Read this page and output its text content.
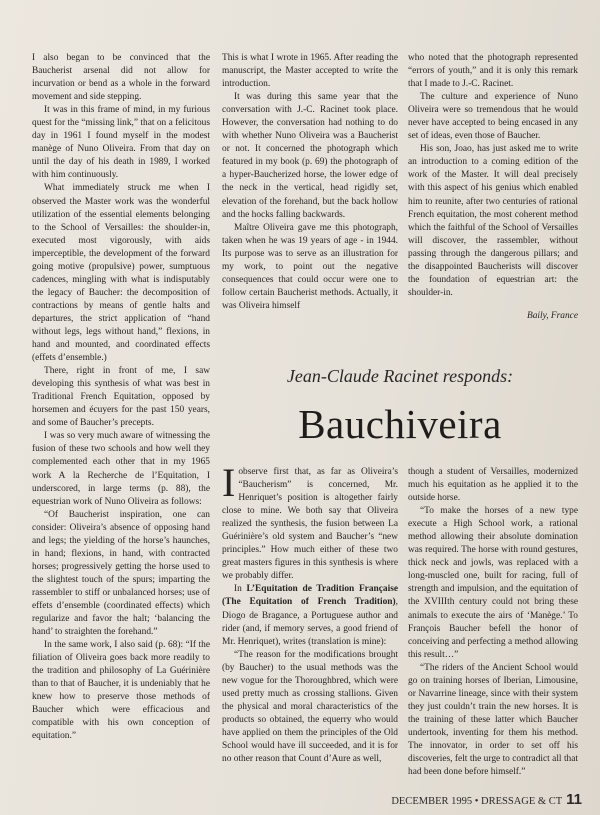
I also began to be convinced that the Baucherist arsenal did not allow for incurvation or bend as a whole in the forward movement and side stepping.

It was in this frame of mind, in my furious quest for the “missing link,” that on a felicitous day in 1961 I found myself in the modest manège of Nuno Oliveira. From that day on until the day of his death in 1989, I worked with him continuously.

What immediately struck me when I observed the Master work was the wonderful utilization of the essential elements belonging to the School of Versailles: the shoulder-in, executed most vigorously, with aids imperceptible, the development of the forward going motive (propulsive) power, sumptuous cadences, mingling with what is indisputably the legacy of Baucher: the decomposition of contractions by means of gentle halts and departures, the strict application of “hand without legs, legs without hand,” flexions, in hand and mounted, and coordinated effects (effets d’ensemble.)

There, right in front of me, I saw developing this synthesis of what was best in Traditional French Equitation, opposed by horsemen and écuyers for the past 150 years, and some of Baucher’s precepts.

I was so very much aware of witnessing the fusion of these two schools and how well they complemented each other that in my 1965 work A la Recherche de l’Equitation, I underscored, in large terms (p. 88), the equestrian work of Nuno Oliveira as follows:

“Of Baucherist inspiration, one can consider: Oliveira’s absence of opposing hand and legs; the yielding of the horse’s haunches, in hand; flexions, in hand, with contracted horses; progressively getting the horse used to the slightest touch of the spurs; imparting the rassembler to stiff or unbalanced horses; use of effets d’ensemble (coordinated effects) which regularize and favor the halt; ‘balancing the hand’ to straighten the forehand.”

In the same work, I also said (p. 68): “If the filiation of Oliveira goes back more readily to the tradition and philosophy of La Guérinière than to that of Baucher, it is undeniably that he knew how to preserve those methods of Baucher which were efficacious and compatible with his own conception of equitation.”

This is what I wrote in 1965. After reading the manuscript, the Master accepted to write the introduction.

It was during this same year that the conversation with J.-C. Racinet took place. However, the conversation had nothing to do with whether Nuno Oliveira was a Baucherist or not. It concerned the photograph which featured in my book (p. 69) the photograph of a hyper-Baucherized horse, the lower edge of the neck in the vertical, head rigidly set, elevation of the forehand, but the back hollow and the hocks falling backwards.

Maître Oliveira gave me this photograph, taken when he was 19 years of age - in 1944. Its purpose was to serve as an illustration for my work, to point out the negative consequences that could occur were one to follow certain Baucherist methods. Actually, it was Oliveira himself

who noted that the photograph represented “errors of youth,” and it is only this remark that I made to J.-C. Racinet.

The culture and experience of Nuno Oliveira were so tremendous that he would never have accepted to being encased in any set of ideas, even those of Baucher.

His son, Joao, has just asked me to write an introduction to a coming edition of the work of the Master. It will deal precisely with this aspect of his genius which enabled him to reunite, after two centuries of rational French equitation, the most coherent method which the faithful of the School of Versailles will discover, the rassembler, without passing through the dangerous pillars; and the disappointed Baucherists will discover the foundation of equestrian art: the shoulder-in.

Baily, France

Jean-Claude Racinet responds:
Bauchiveira

Iobserve first that, as far as Oliveira’s “Baucherism” is concerned, Mr. Henriquet’s position is altogether fairly close to mine. We both say that Oliveira realized the synthesis, the fusion between La Guérinière’s old system and Baucher’s “new principles.” How much either of these two great masters figures in this synthesis is where we probably differ.

In L’Equitation de Tradition Française (The Equitation of French Tradition), Diogo de Bragance, a Portuguese author and rider (and, if memory serves, a good friend of Mr. Henriquet), writes (translation is mine):

“The reason for the modifications brought (by Baucher) to the usual methods was the new vogue for the Thoroughbred, which were used pretty much as crossing stallions. Given the physical and moral characteristics of the products so obtained, the equerry who would have applied on them the principles of the Old School would have ill succeeded, and it is for no other reason that Count d’Aure as well,

though a student of Versailles, modernized much his equitation as he applied it to the outside horse.

“To make the horses of a new type execute a High School work, a rational method allowing their absolute domination was required. The horse with round gestures, thick neck and jowls, was replaced with a long-muscled one, built for racing, full of strength and impulsion, and the equitation of the XVIIIth century could not bring these animals to execute the airs of ‘Manège.’ To François Baucher befell the honor of conceiving and perfecting a method allowing this result…”

“The riders of the Ancient School would go on training horses of Iberian, Limousine, or Navarrine lineage, since with their system they just couldn’t train the new horses. It is the training of these latter which Baucher undertook, inventing for them his method. The innovator, in order to set off his discoveries, felt the urge to contradict all that had been done before himself.”

DECEMBER 1995 • DRESSAGE & CT 11
